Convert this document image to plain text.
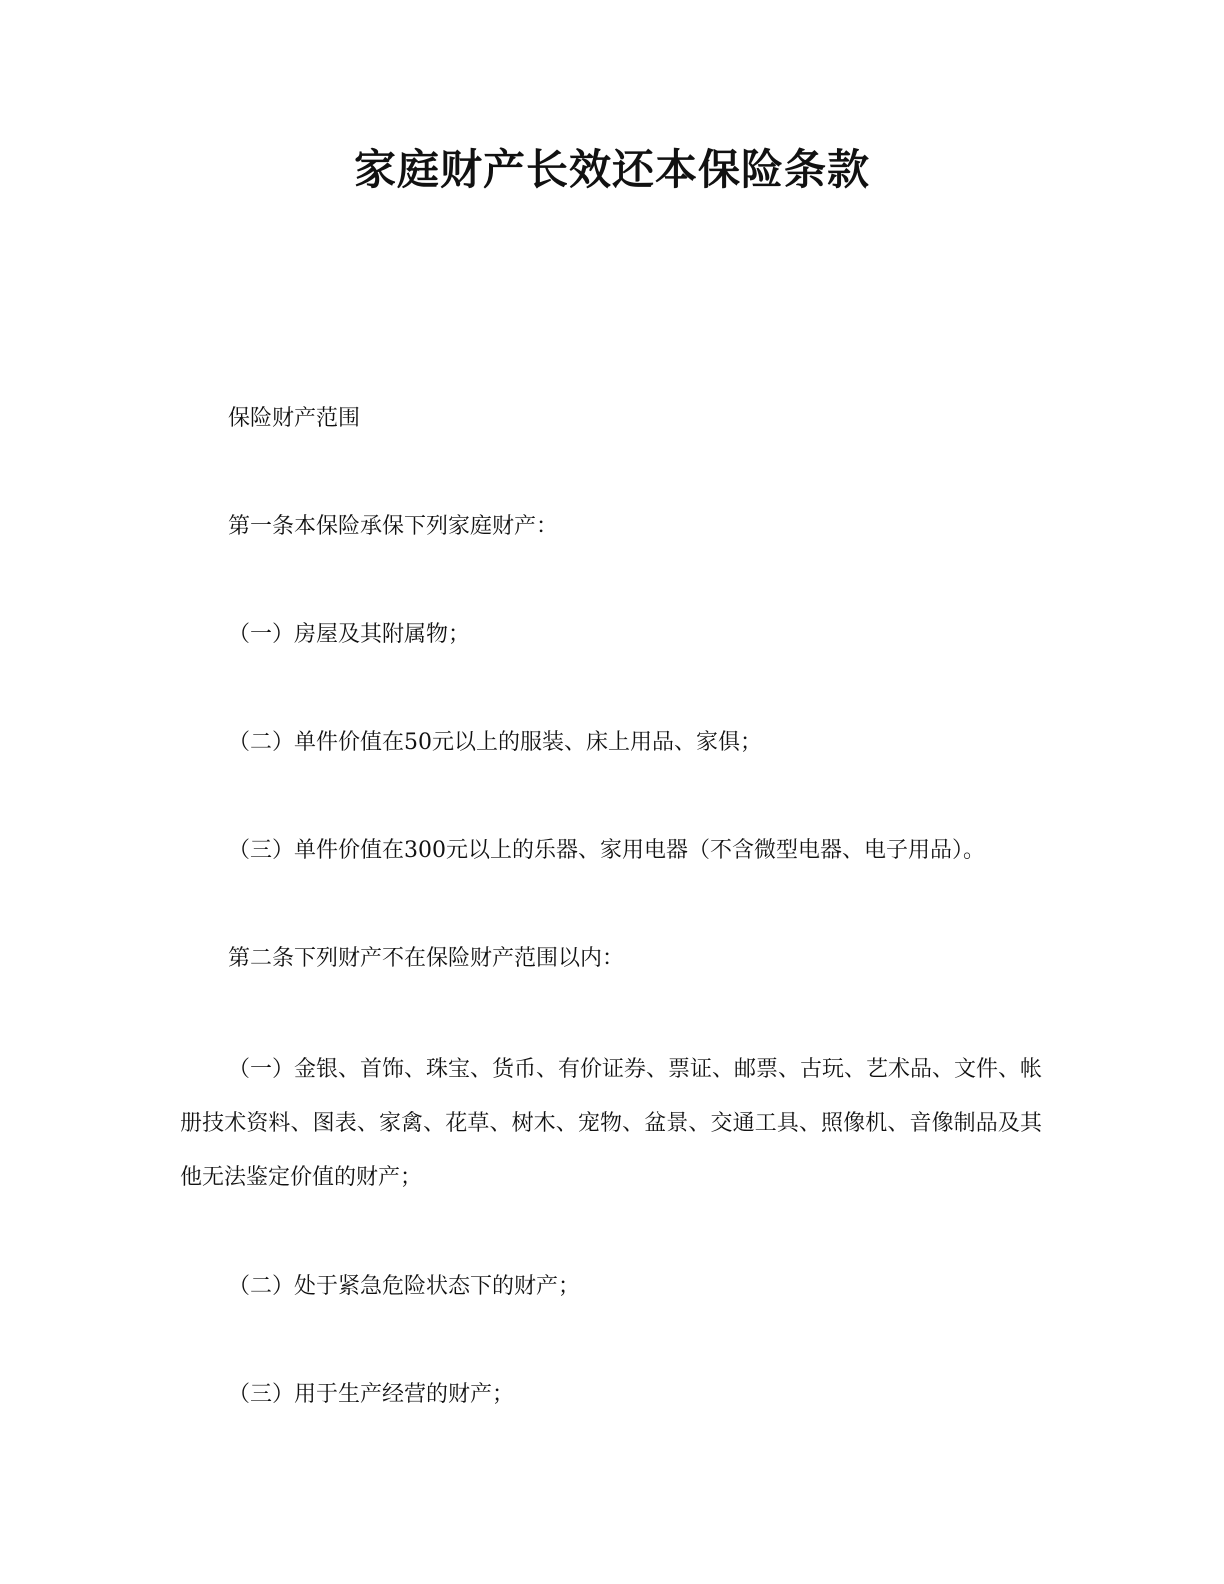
家庭财产长效还本保险条款

保险财产范围

第一条本保险承保下列家庭财产：

（一）房屋及其附属物；

（二）单件价值在50元以上的服装、床上用品、家俱；

（三）单件价值在300元以上的乐器、家用电器（不含微型电器、电子用品）。

第二条下列财产不在保险财产范围以内：

（一）金银、首饰、珠宝、货币、有价证券、票证、邮票、古玩、艺术品、文件、帐册技术资料、图表、家禽、花草、树木、宠物、盆景、交通工具、照像机、音像制品及其他无法鉴定价值的财产；

（二）处于紧急危险状态下的财产；

（三）用于生产经营的财产；
